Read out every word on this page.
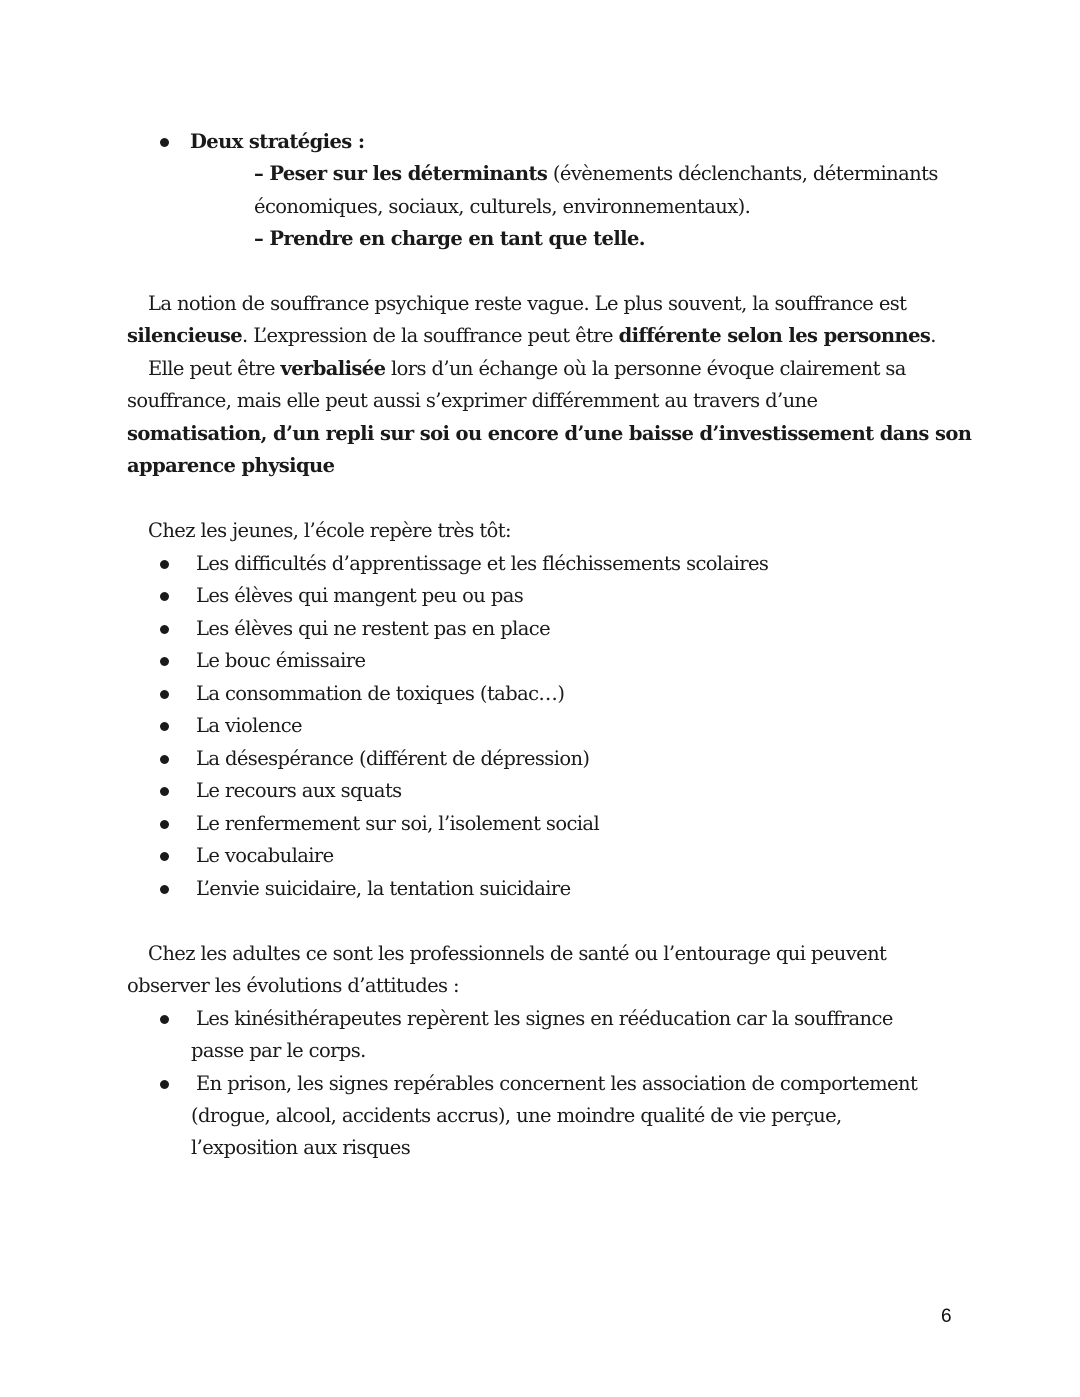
Deux stratégies :
– Peser sur les déterminants (évènements déclenchants, déterminants
économiques, sociaux, culturels, environnementaux).
– Prendre en charge en tant que telle.
La notion de souffrance psychique reste vague. Le plus souvent, la souffrance est
silencieuse. L’expression de la souffrance peut être différente selon les personnes.
Elle peut être verbalisée lors d’un échange où la personne évoque clairement sa
souffrance, mais elle peut aussi s’exprimer différemment au travers d’une
somatisation, d’un repli sur soi ou encore d’une baisse d’investissement dans son
apparence physique
Chez les jeunes, l’école repère très tôt:
Les difficultés d’apprentissage et les fléchissements scolaires
Les élèves qui mangent peu ou pas
Les élèves qui ne restent pas en place
Le bouc émissaire
La consommation de toxiques (tabac…)
La violence
La désespérance (différent de dépression)
Le recours aux squats
Le renfermement sur soi, l’isolement social
Le vocabulaire
L’envie suicidaire, la tentation suicidaire
Chez les adultes ce sont les professionnels de santé ou l’entourage qui peuvent
observer les évolutions d’attitudes :
Les kinésithérapeutes repèrent les signes en rééducation car la souffrance
passe par le corps.
En prison, les signes repérables concernent les association de comportement
(drogue, alcool, accidents accrus), une moindre qualité de vie perçue,
l’exposition aux risques
6
